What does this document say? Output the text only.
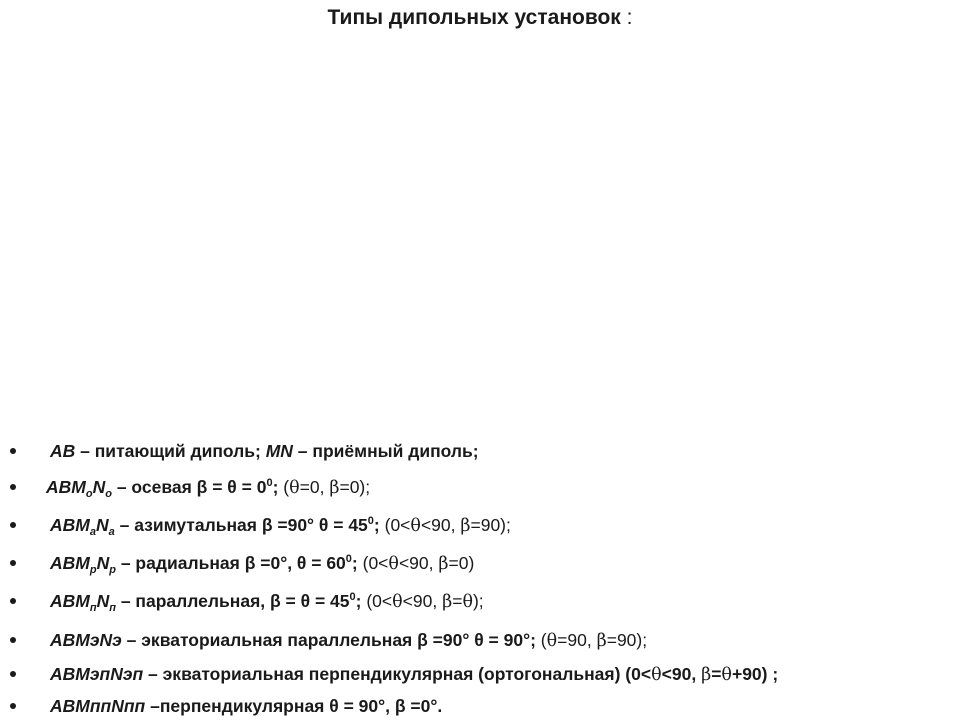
Типы дипольных установок :
AB – питающий диполь; MN – приёмный диполь;
$ABM_оN_о$ – осевая $\beta = \theta = 0^0$; (θ=0, β=0);
$ABM_aN_a$ – азимутальная β =90° $\theta = 45^0$; (0<θ<90, β=90);
$ABM_рN_р$ – радиальная β =0°, $\theta = 60^0$; (0<θ<90, β=0)
$ABM_пN_п$ – параллельная, $\beta = \theta = 45^0$; (0<θ<90, β=θ);
ABMэNэ – экваториальная параллельная β =90° θ = 90°; (θ=90, β=90);
ABMэпNэп – экваториальная перпендикулярная (ортогональная) (0<θ<90, β=θ+90) ;
ABMппNпп –перпендикулярная θ = 90°, β =0°.
